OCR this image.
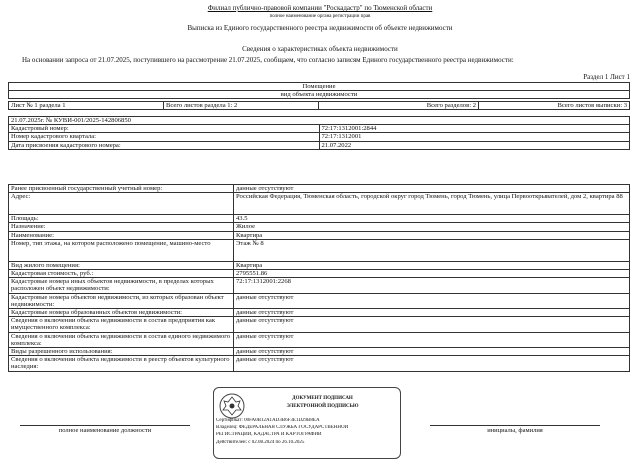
Филиал публично-правовой компании "Роскадастр" по Тюменской области
полное наименование органа регистрации прав
Выписка из Единого государственного реестра недвижимости об объекте недвижимости
Сведения о характеристиках объекта недвижимости
На основании запроса от 21.07.2025, поступившего на рассмотрение 21.07.2025, сообщаем, что согласно записям Единого государственного реестра недвижимости:
Раздел 1 Лист 1
Помещение
вид объекта недвижимости
Лист № 1 раздела 1	Всего листов раздела 1: 2	Всего разделов: 2	Всего листов выписки: 3
21.07.2025г. № КУВИ-001/2025-142806850	
Кадастровый номер:	72:17:1312001:2844
Номер кадастрового квартала:	72:17:1312001
Дата присвоения кадастрового номера:	21.07.2022
Ранее присвоенный государственный учетный номер:	данные отсутствуют
Адрес:	Российская Федерация, Тюменская область, городской округ город Тюмень, город Тюмень, улица Первооткрывателей, дом 2, квартира 88
Площадь:	43.5
Назначение:	Жилое
Наименование:	Квартира
Номер, тип этажа, на котором расположено помещение, машино-место	Этаж № 8
Вид жилого помещения:	Квартира
Кадастровая стоимость, руб.:	2795551.86
Кадастровые номера иных объектов недвижимости, в пределах которых расположен объект недвижимости:	72:17:1312001:2268
Кадастровые номера объектов недвижимости, из которых образован объект недвижимости:	данные отсутствуют
Кадастровые номера образованных объектов недвижимости:	данные отсутствуют
Сведения о включении объекта недвижимости в состав предприятия как имущественного комплекса:	данные отсутствуют
Сведения о включении объекта недвижимости в состав единого недвижимого комплекса:	данные отсутствуют
Виды разрешенного использования:	данные отсутствуют
Сведения о включении объекта недвижимости в реестр объектов культурного наследия:	данные отсутствуют
полное наименование должности
ДОКУМЕНТ ПОДПИСАН
ЭЛЕКТРОННОЙ ПОДПИСЬЮ
Сертификат: 00FA0B12A1AD3B6F3E1D29B8EA
Владелец: ФЕДЕРАЛЬНАЯ СЛУЖБА ГОСУДАРСТВЕННОЙ
РЕГИСТРАЦИИ, КАДАСТРА И КАРТОГРАФИИ
Действителен: с 02.08.2024 по 26.10.2025
инициалы, фамилия
